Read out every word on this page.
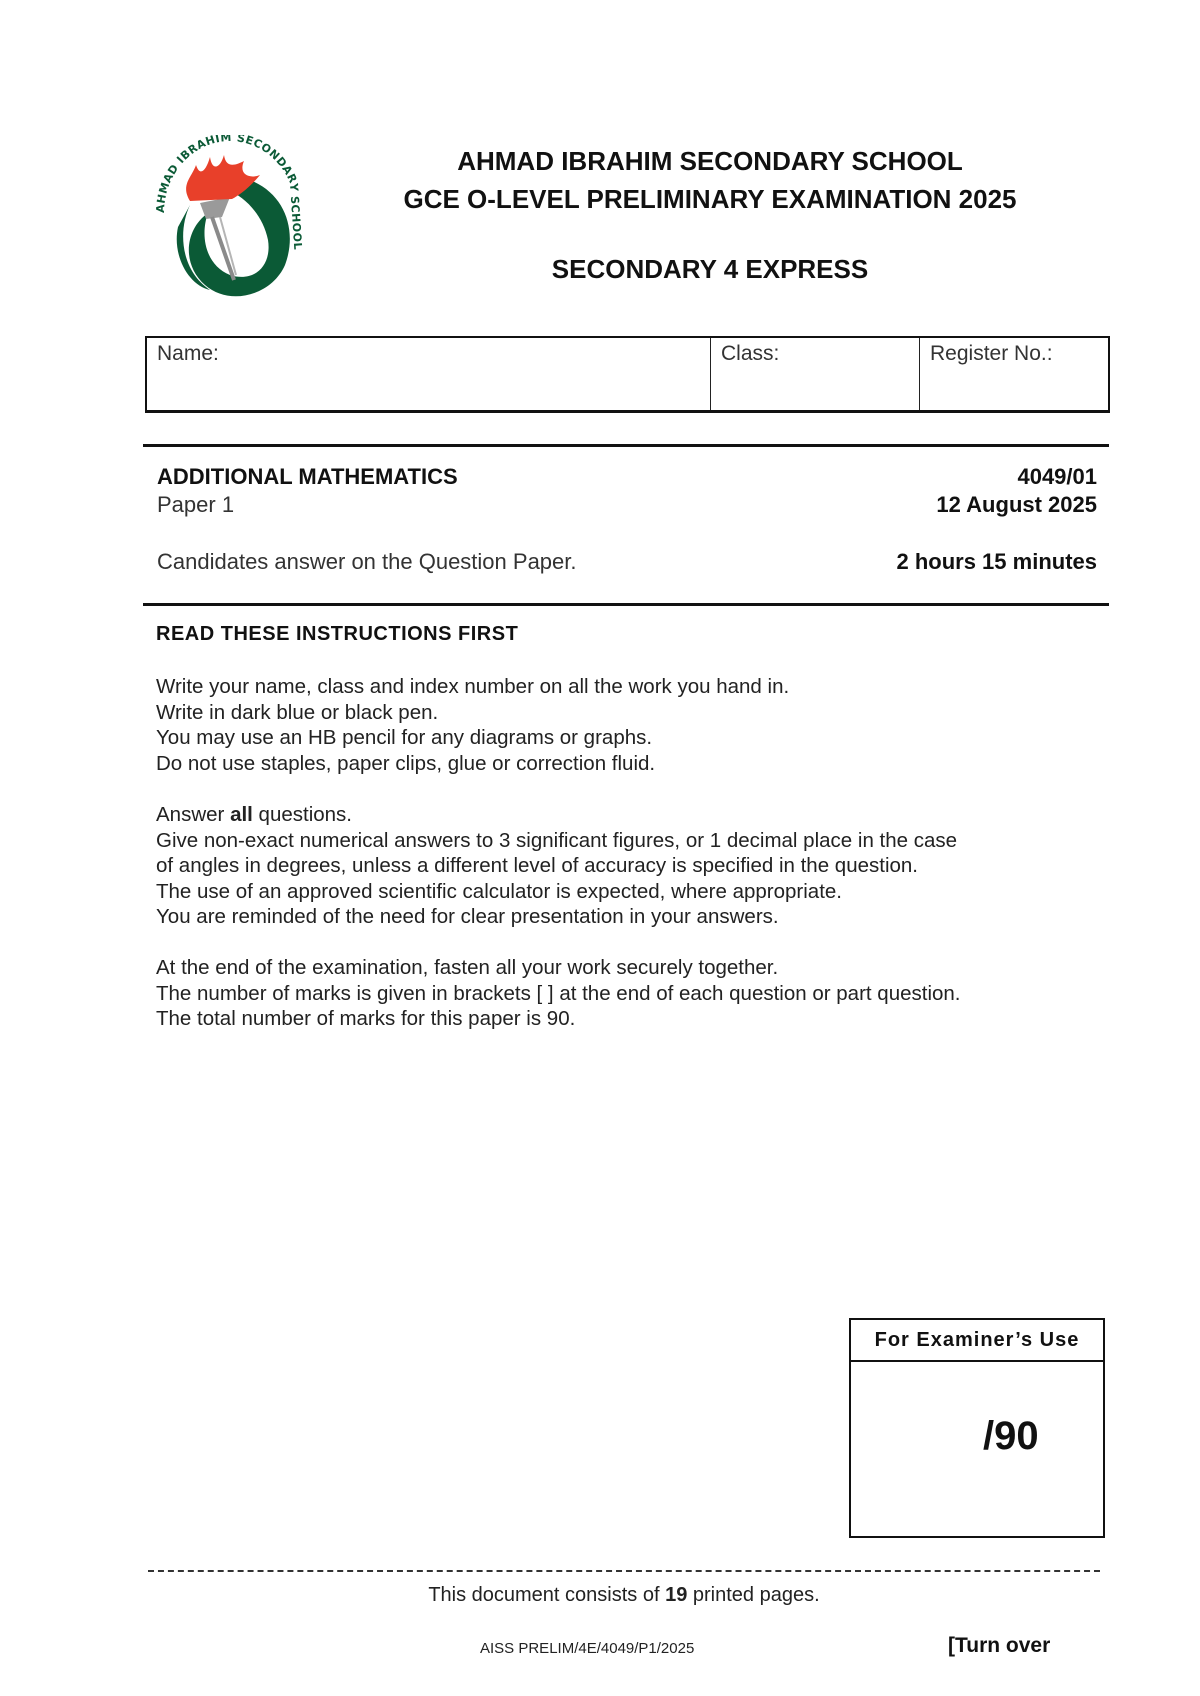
AHMAD IBRAHIM SECONDARY SCHOOL
AHMAD IBRAHIM SECONDARY SCHOOL
GCE O-LEVEL PRELIMINARY EXAMINATION 2025
SECONDARY 4 EXPRESS
Name:	Class:	Register No.:
ADDITIONAL MATHEMATICS	4049/01
Paper 1	12 August 2025
Candidates answer on the Question Paper.	2 hours 15 minutes
READ THESE INSTRUCTIONS FIRST

Write your name, class and index number on all the work you hand in.

Write in dark blue or black pen.

You may use an HB pencil for any diagrams or graphs.

Do not use staples, paper clips, glue or correction fluid.

Answer all questions.

Give non-exact numerical answers to 3 significant figures, or 1 decimal place in the case

of angles in degrees, unless a different level of accuracy is specified in the question.

The use of an approved scientific calculator is expected, where appropriate.

You are reminded of the need for clear presentation in your answers.

At the end of the examination, fasten all your work securely together.

The number of marks is given in brackets [ ] at the end of each question or part question.

The total number of marks for this paper is 90.

For Examiner’s Use
/90
This document consists of 19 printed pages.
AISS PRELIM/4E/4049/P1/2025	[Turn over
